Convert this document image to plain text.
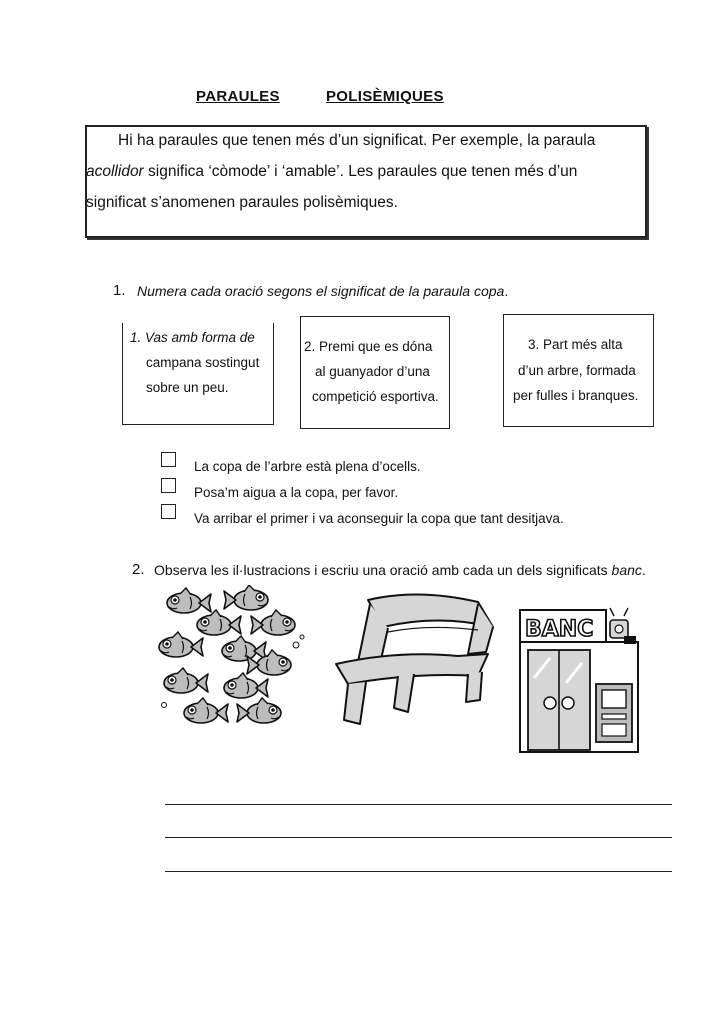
PARAULES	POLISÈMIQUES
Hi ha paraules que tenen més d’un significat. Per exemple, la paraula
acollidor significa ‘còmode’ i ‘amable’. Les paraules que tenen més d’un
significat s’anomenen paraules polisèmiques.
1. Numera cada oració segons el significat de la paraula copa.
1. Vas amb forma de
campana sostingut
sobre un peu.
2. Premi que es dóna
al guanyador d’una
competició esportiva.
3. Part més alta
d’un arbre, formada
per fulles i branques.
La copa de l’arbre està plena d’ocells.
Posa’m aigua a la copa, per favor.
Va arribar el primer i va aconseguir la copa que tant desitjava.
2. Observa les il·lustracions i escriu una oració amb cada un dels significats banc.
BANC
